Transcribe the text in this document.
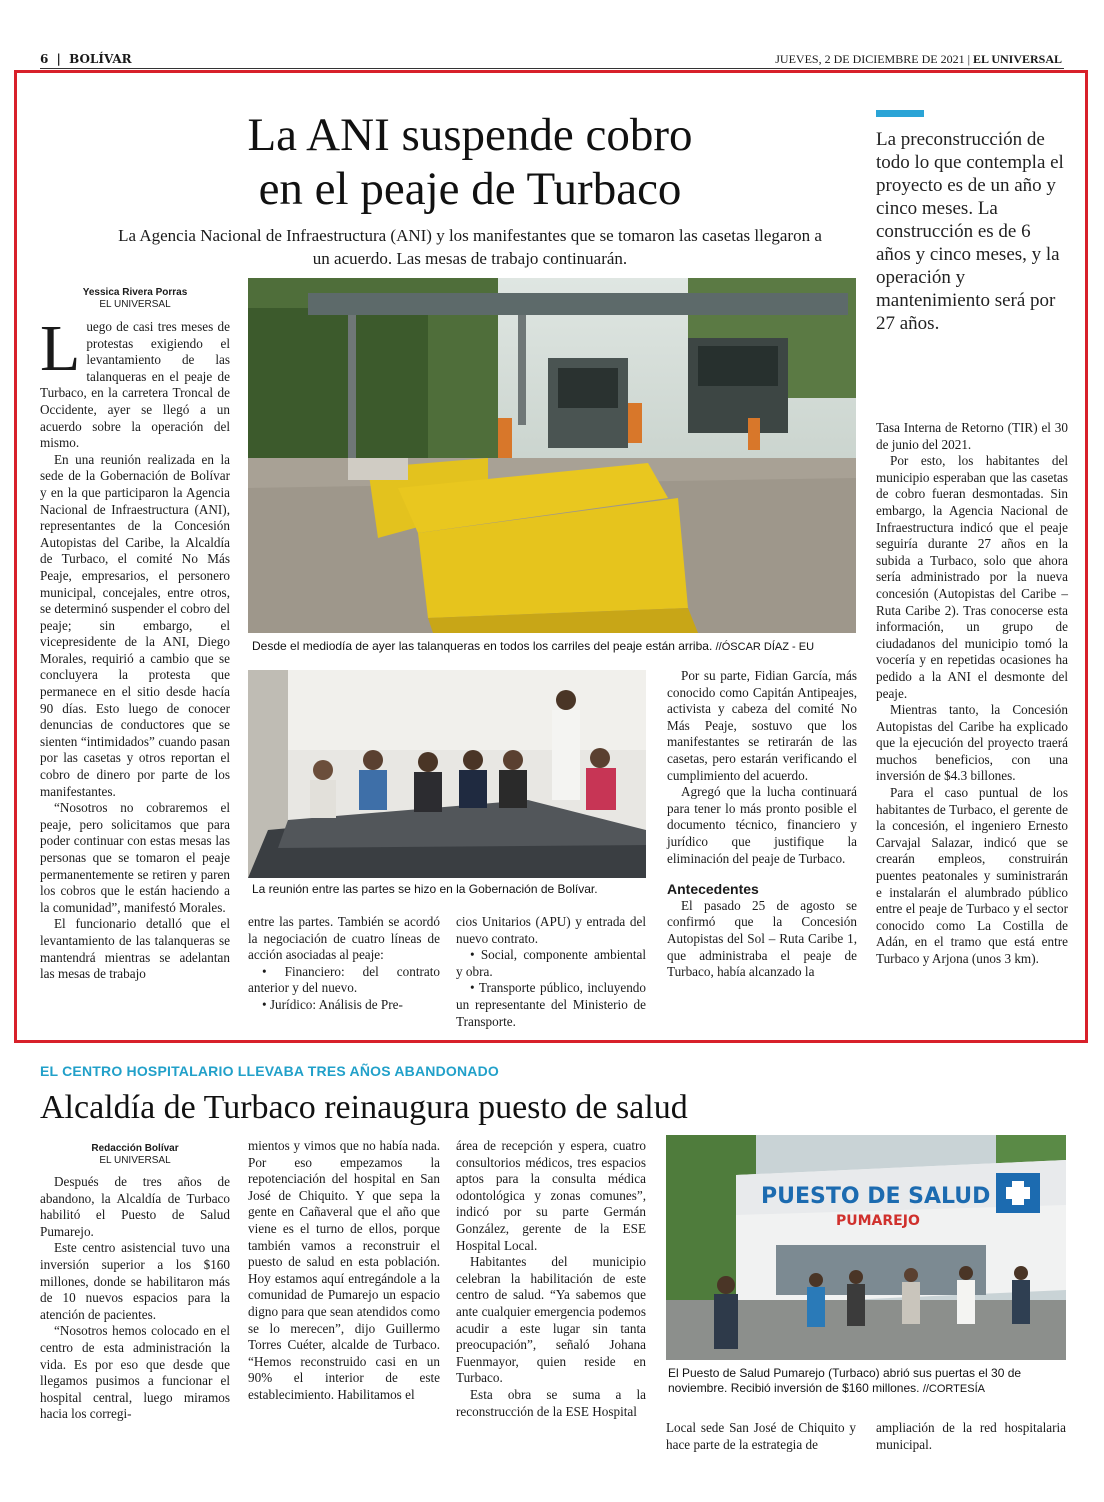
6 | BOLÍVAR	JUEVES, 2 DE DICIEMBRE DE 2021 | EL UNIVERSAL
La ANI suspende cobro
en el peaje de Turbaco
La Agencia Nacional de Infraestructura (ANI) y los manifestantes que se tomaron las casetas llegaron a un acuerdo. Las mesas de trabajo continuarán.
Yessica Rivera Porras
EL UNIVERSAL

Luego de casi tres meses de protestas exigiendo el levantamiento de las talanqueras en el peaje de Turbaco, en la carretera Troncal de Occidente, ayer se llegó a un acuerdo sobre la operación del mismo.

En una reunión realizada en la sede de la Gobernación de Bolívar y en la que participaron la Agencia Nacional de Infraestructura (ANI), representantes de la Concesión Autopistas del Caribe, la Alcaldía de Turbaco, el comité No Más Peaje, empresarios, el personero municipal, concejales, entre otros, se determinó suspender el cobro del peaje; sin embargo, el vicepresidente de la ANI, Diego Morales, requirió a cambio que se concluyera la protesta que permanece en el sitio desde hacía 90 días. Esto luego de conocer denuncias de conductores que se sienten “intimidados” cuando pasan por las casetas y otros reportan el cobro de dinero por parte de los manifestantes.

“Nosotros no cobraremos el peaje, pero solicitamos que para poder continuar con estas mesas las personas que se tomaron el peaje permanentemente se retiren y paren los cobros que le están haciendo a la comunidad”, manifestó Morales.

El funcionario detalló que el levantamiento de las talanqueras se mantendrá mientras se adelantan las mesas de trabajo

Desde el mediodía de ayer las talanqueras en todos los carriles del peaje están arriba. //ÓSCAR DÍAZ - EU
La reunión entre las partes se hizo en la Gobernación de Bolívar.

entre las partes. También se acordó la negociación de cuatro líneas de acción asociadas al peaje:

• Financiero: del contrato anterior y del nuevo.

• Jurídico: Análisis de Pre-

cios Unitarios (APU) y entrada del nuevo contrato.

• Social, componente ambiental y obra.

• Transporte público, incluyendo un representante del Ministerio de Transporte.

Por su parte, Fidian García, más conocido como Capitán Antipeajes, activista y cabeza del comité No Más Peaje, sostuvo que los manifestantes se retirarán de las casetas, pero estarán verificando el cumplimiento del acuerdo.

Agregó que la lucha continuará para tener lo más pronto posible el documento técnico, financiero y jurídico que justifique la eliminación del peaje de Turbaco.

Antecedentes

El pasado 25 de agosto se confirmó que la Concesión Autopistas del Sol – Ruta Caribe 1, que administraba el peaje de Turbaco, había alcanzado la

La preconstrucción de todo lo que contempla el proyecto es de un año y cinco meses. La construcción es de 6 años y cinco meses, y la operación y mantenimiento será por 27 años.

Tasa Interna de Retorno (TIR) el 30 de junio del 2021.

Por esto, los habitantes del municipio esperaban que las casetas de cobro fueran desmontadas. Sin embargo, la Agencia Nacional de Infraestructura indicó que el peaje seguiría durante 27 años en la subida a Turbaco, solo que ahora sería administrado por la nueva concesión (Autopistas del Caribe – Ruta Caribe 2). Tras conocerse esta información, un grupo de ciudadanos del municipio tomó la vocería y en repetidas ocasiones ha pedido a la ANI el desmonte del peaje.

Mientras tanto, la Concesión Autopistas del Caribe ha explicado que la ejecución del proyecto traerá muchos beneficios, con una inversión de $4.3 billones.

Para el caso puntual de los habitantes de Turbaco, el gerente de la concesión, el ingeniero Ernesto Carvajal Salazar, indicó que se crearán empleos, construirán puentes peatonales y suministrarán e instalarán el alumbrado público entre el peaje de Turbaco y el sector conocido como La Costilla de Adán, en el tramo que está entre Turbaco y Arjona (unos 3 km).

EL CENTRO HOSPITALARIO LLEVABA TRES AÑOS ABANDONADO
Alcaldía de Turbaco reinaugura puesto de salud
Redacción Bolívar
EL UNIVERSAL

Después de tres años de abandono, la Alcaldía de Turbaco habilitó el Puesto de Salud Pumarejo.

Este centro asistencial tuvo una inversión superior a los $160 millones, donde se habilitaron más de 10 nuevos espacios para la atención de pacientes.

“Nosotros hemos colocado en el centro de esta administración la vida. Es por eso que desde que llegamos pusimos a funcionar el hospital central, luego miramos hacia los corregi-

mientos y vimos que no había nada. Por eso empezamos la repotenciación del hospital en San José de Chiquito. Y que sepa la gente en Cañaveral que el año que viene es el turno de ellos, porque también vamos a reconstruir el puesto de salud en esta población. Hoy estamos aquí entregándole a la comunidad de Pumarejo un espacio digno para que sean atendidos como se lo merecen”, dijo Guillermo Torres Cuéter, alcalde de Turbaco. “Hemos reconstruido casi en un 90% el interior de este establecimiento. Habilitamos el

área de recepción y espera, cuatro consultorios médicos, tres espacios aptos para la consulta médica odontológica y zonas comunes”, indicó por su parte Germán González, gerente de la ESE Hospital Local.

Habitantes del municipio celebran la habilitación de este centro de salud. “Ya sabemos que ante cualquier emergencia podemos acudir a este lugar sin tanta preocupación”, señaló Johana Fuenmayor, quien reside en Turbaco.

Esta obra se suma a la reconstrucción de la ESE Hospital

PUESTO DE SALUD
PUMAREJO
El Puesto de Salud Pumarejo (Turbaco) abrió sus puertas el 30 de noviembre. Recibió inversión de $160 millones. //CORTESÍA

Local sede San José de Chiquito y hace parte de la estrategia de

ampliación de la red hospitalaria municipal.
